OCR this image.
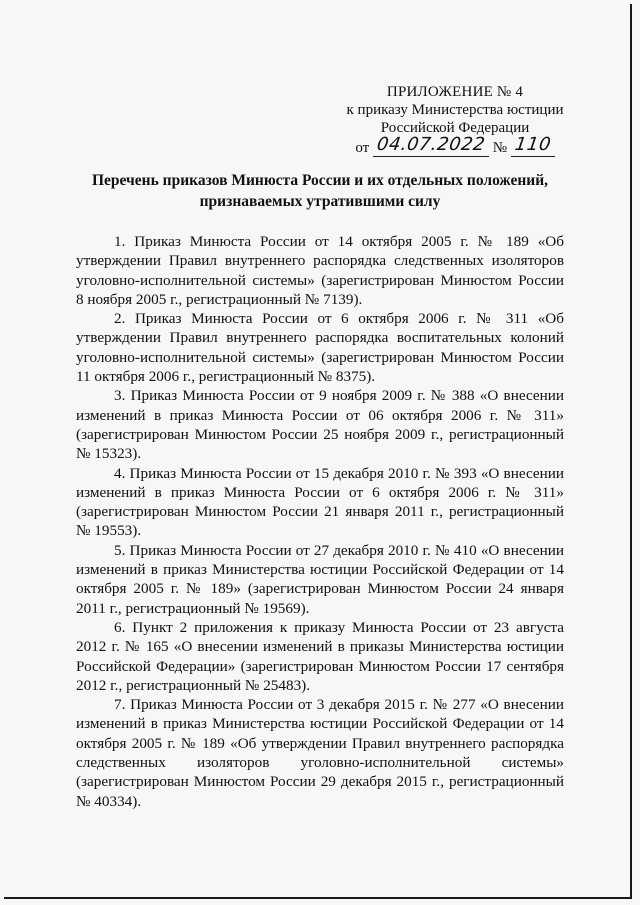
ПРИЛОЖЕНИЕ № 4
к приказу Министерства юстиции
Российской Федерации
от 04.07.2022 № 110
Перечень приказов Минюста России и их отдельных положений,
признаваемых утратившими силу

1. Приказ Минюста России от 14 октября 2005 г. № 189 «Об утверждении Правил внутреннего распорядка следственных изоляторов уголовно-исполнительной системы» (зарегистрирован Минюстом России 8 ноября 2005 г., регистрационный № 7139).

2. Приказ Минюста России от 6 октября 2006 г. № 311 «Об утверждении Правил внутреннего распорядка воспитательных колоний уголовно-исполнительной системы» (зарегистрирован Минюстом России 11 октября 2006 г., регистрационный № 8375).

3. Приказ Минюста России от 9 ноября 2009 г. № 388 «О внесении изменений в приказ Минюста России от 06 октября 2006 г. № 311» (зарегистрирован Минюстом России 25 ноября 2009 г., регистрационный № 15323).

4. Приказ Минюста России от 15 декабря 2010 г. № 393 «О внесении изменений в приказ Минюста России от 6 октября 2006 г. № 311» (зарегистрирован Минюстом России 21 января 2011 г., регистрационный № 19553).

5. Приказ Минюста России от 27 декабря 2010 г. № 410 «О внесении изменений в приказ Министерства юстиции Российской Федерации от 14 октября 2005 г. № 189» (зарегистрирован Минюстом России 24 января 2011 г., регистрационный № 19569).

6. Пункт 2 приложения к приказу Минюста России от 23 августа 2012 г. № 165 «О внесении изменений в приказы Министерства юстиции Российской Федерации» (зарегистрирован Минюстом России 17 сентября 2012 г., регистрационный № 25483).

7. Приказ Минюста России от 3 декабря 2015 г. № 277 «О внесении изменений в приказ Министерства юстиции Российской Федерации от 14 октября 2005 г. № 189 «Об утверждении Правил внутреннего распорядка следственных изоляторов уголовно-исполнительной системы» (зарегистрирован Минюстом России 29 декабря 2015 г., регистрационный № 40334).
